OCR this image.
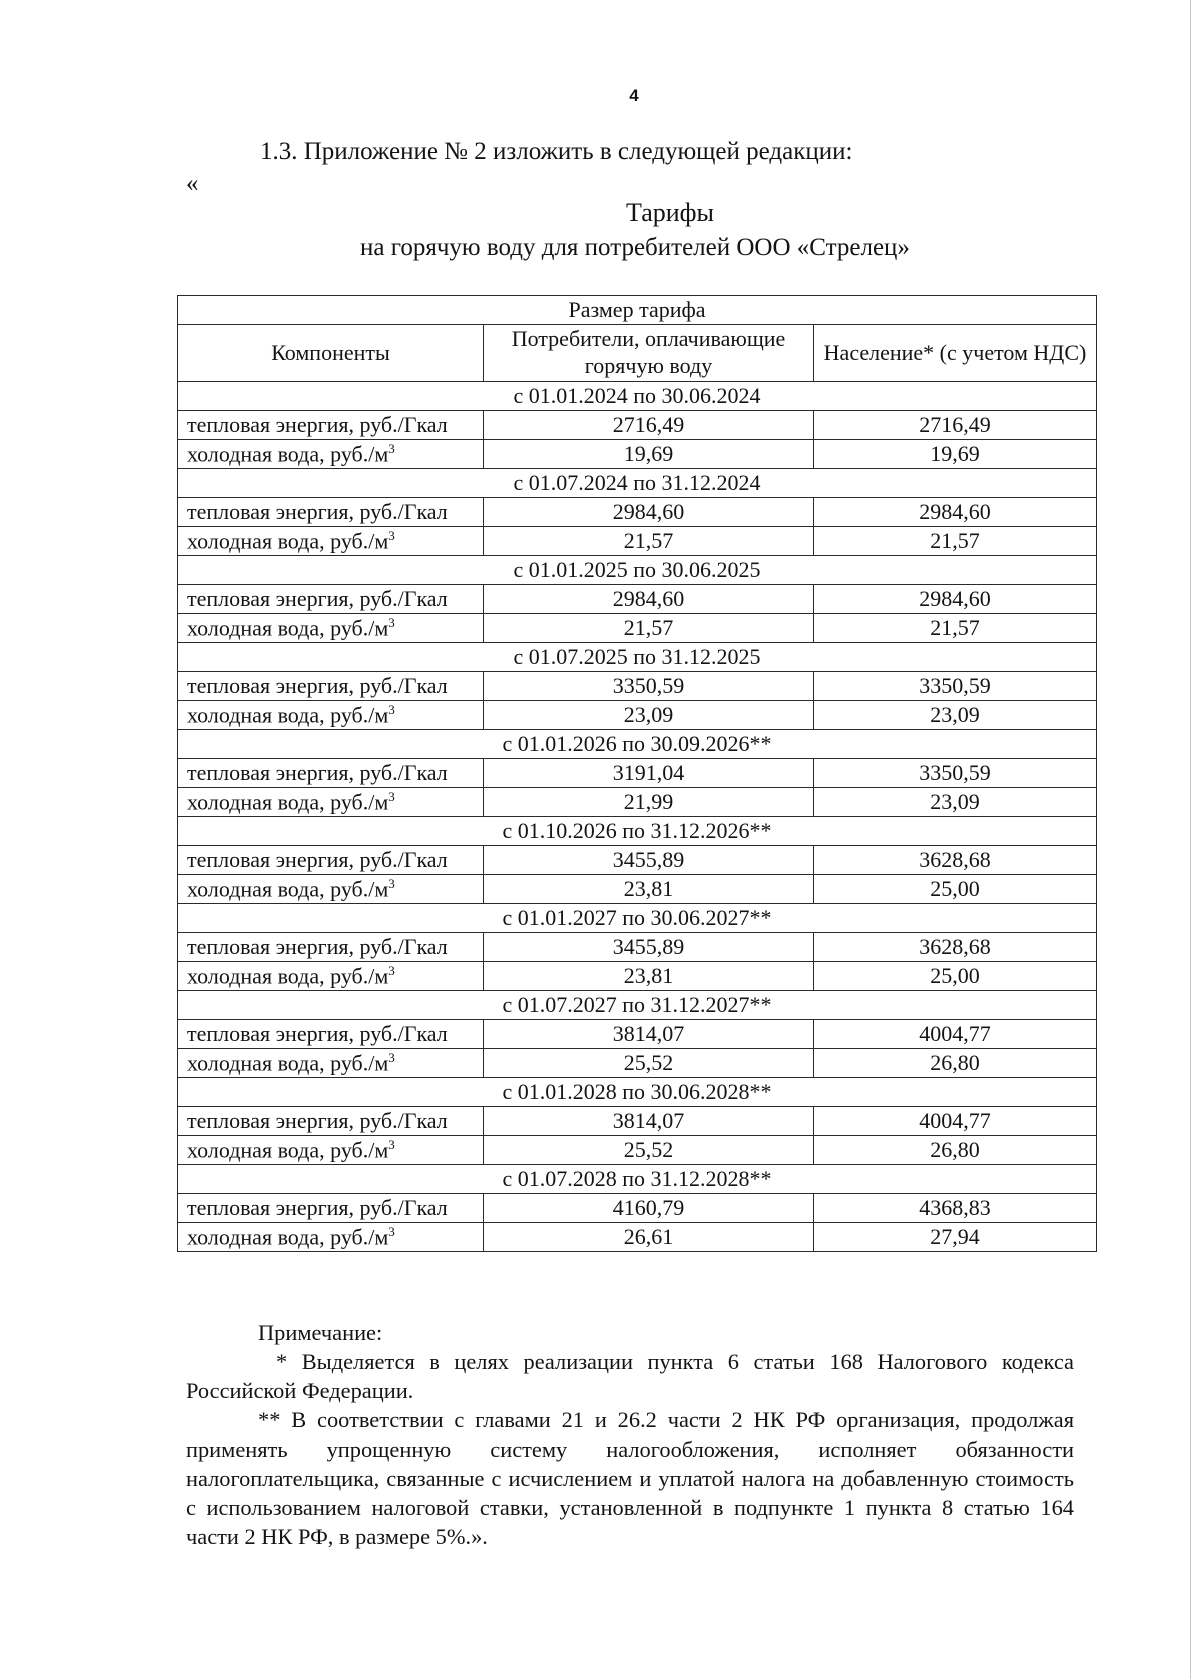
4
1.3. Приложение № 2 изложить в следующей редакции:
«
Тарифы
на горячую воду для потребителей ООО «Стрелец»
Размер тарифа		
Компоненты	Потребители, оплачивающие горячую воду	Население* (с учетом НДС)
с 01.01.2024 по 30.06.2024		
тепловая энергия, руб./Гкал	2716,49	2716,49
холодная вода, $руб./м^3$	19,69	19,69
с 01.07.2024 по 31.12.2024		
тепловая энергия, руб./Гкал	2984,60	2984,60
холодная вода, $руб./м^3$	21,57	21,57
с 01.01.2025 по 30.06.2025		
тепловая энергия, руб./Гкал	2984,60	2984,60
холодная вода, $руб./м^3$	21,57	21,57
с 01.07.2025 по 31.12.2025		
тепловая энергия, руб./Гкал	3350,59	3350,59
холодная вода, $руб./м^3$	23,09	23,09
с 01.01.2026 по 30.09.2026**		
тепловая энергия, руб./Гкал	3191,04	3350,59
холодная вода, $руб./м^3$	21,99	23,09
с 01.10.2026 по 31.12.2026**		
тепловая энергия, руб./Гкал	3455,89	3628,68
холодная вода, $руб./м^3$	23,81	25,00
с 01.01.2027 по 30.06.2027**		
тепловая энергия, руб./Гкал	3455,89	3628,68
холодная вода, $руб./м^3$	23,81	25,00
с 01.07.2027 по 31.12.2027**		
тепловая энергия, руб./Гкал	3814,07	4004,77
холодная вода, $руб./м^3$	25,52	26,80
с 01.01.2028 по 30.06.2028**		
тепловая энергия, руб./Гкал	3814,07	4004,77
холодная вода, $руб./м^3$	25,52	26,80
с 01.07.2028 по 31.12.2028**		
тепловая энергия, руб./Гкал	4160,79	4368,83
холодная вода, $руб./м^3$	26,61	27,94

Примечание:

* Выделяется в целях реализации пункта 6 статьи 168 Налогового кодекса Российской Федерации.

** В соответствии с главами 21 и 26.2 части 2 НК РФ организация, продолжая применять упрощенную систему налогообложения, исполняет обязанности налогоплательщика, связанные с исчислением и уплатой налога на добавленную стоимость с использованием налоговой ставки, установленной в подпункте 1 пункта 8 статью 164 части 2 НК РФ, в размере 5%.».
